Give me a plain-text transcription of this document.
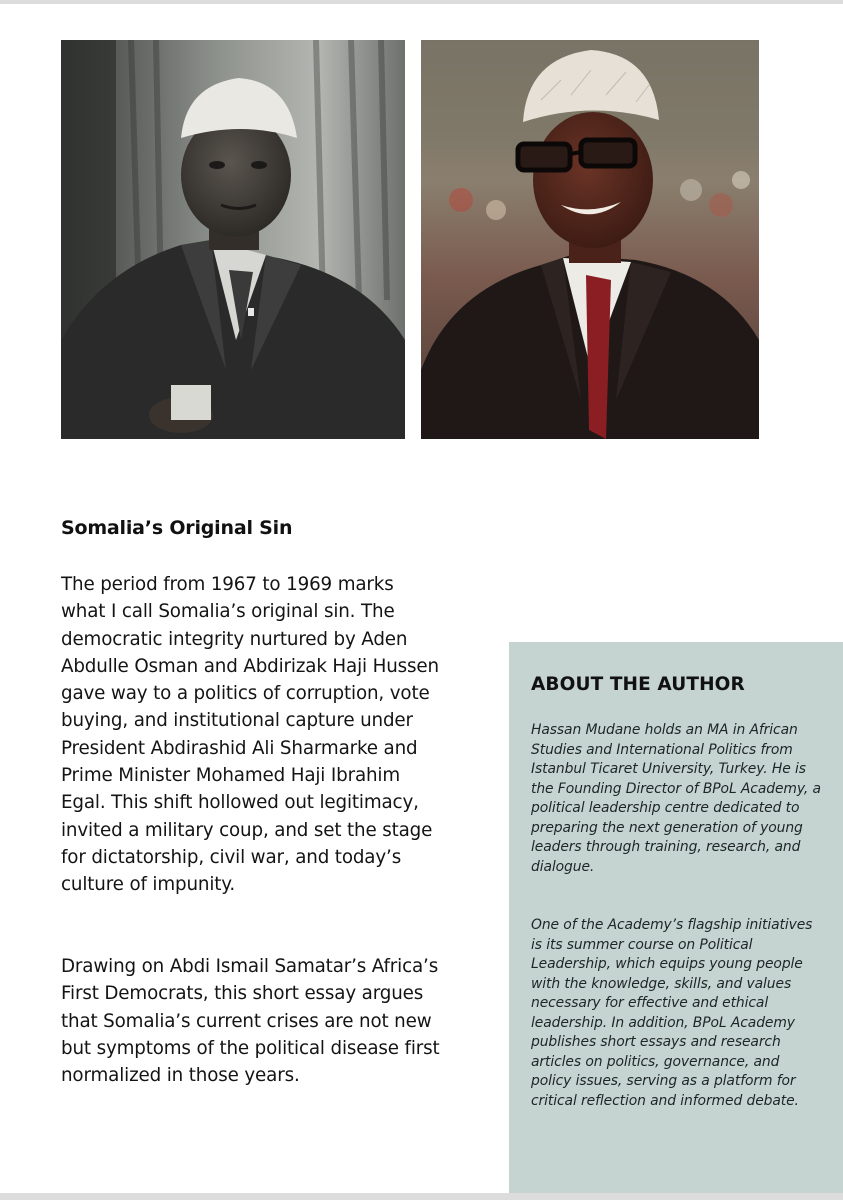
Somalia’s Original Sin

The period from 1967 to 1969 marks what I call Somalia’s original sin. The democratic integrity nurtured by Aden Abdulle Osman and Abdirizak Haji Hussen gave way to a politics of corruption, vote buying, and institutional capture under President Abdirashid Ali Sharmarke and Prime Minister Mohamed Haji Ibrahim Egal. This shift hollowed out legitimacy, invited a military coup, and set the stage for dictatorship, civil war, and today’s culture of impunity.

Drawing on Abdi Ismail Samatar’s Africa’s First Democrats, this short essay argues that Somalia’s current crises are not new but symptoms of the political disease first normalized in those years.

ABOUT THE AUTHOR

Hassan Mudane holds an MA in African Studies and International Politics from Istanbul Ticaret University, Turkey. He is the Founding Director of BPoL Academy, a political leadership centre dedicated to preparing the next generation of young leaders through training, research, and dialogue.

One of the Academy’s flagship initiatives is its summer course on Political Leadership, which equips young people with the knowledge, skills, and values necessary for effective and ethical leadership. In addition, BPoL Academy publishes short essays and research articles on politics, governance, and policy issues, serving as a platform for critical reflection and informed debate.
